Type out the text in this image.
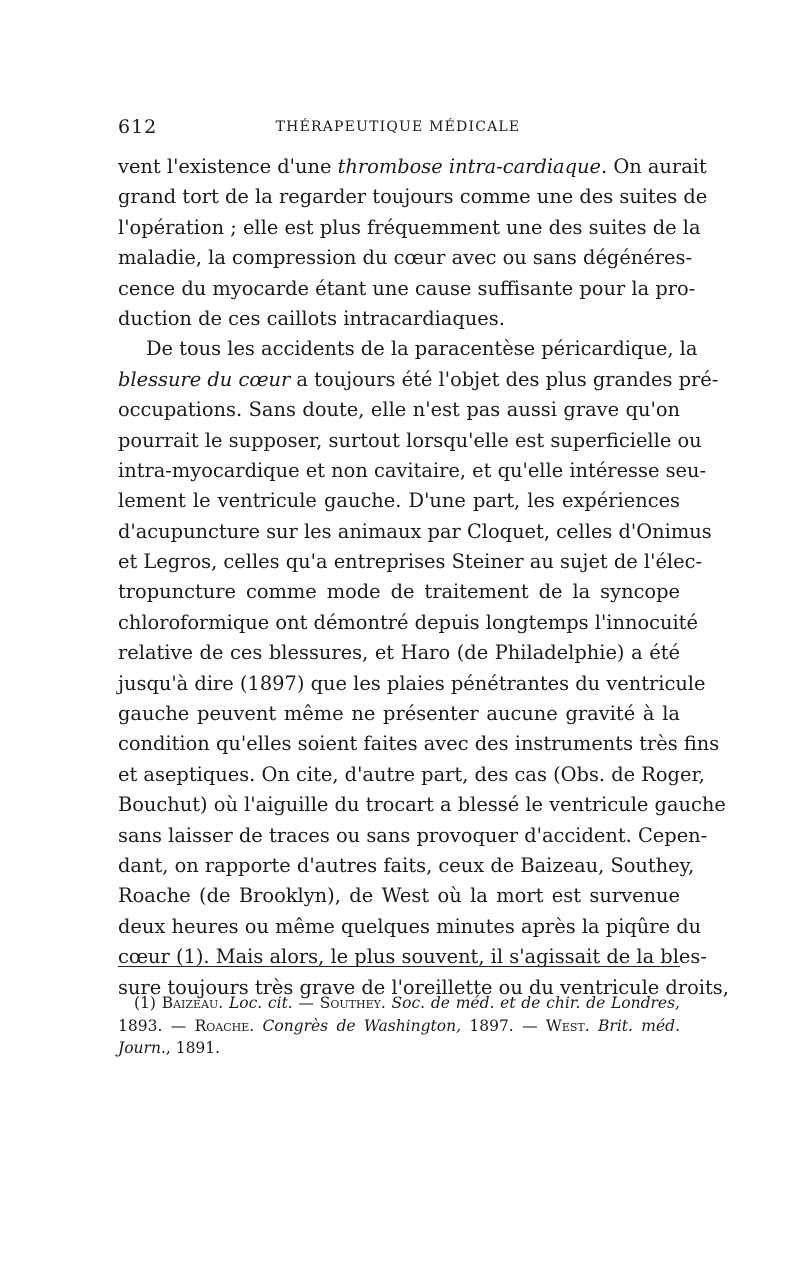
612	THÉRAPEUTIQUE MÉDICALE
vent l'existence d'une thrombose intra-cardiaque. On aurait
grand tort de la regarder toujours comme une des suites de
l'opération ; elle est plus fréquemment une des suites de la
maladie, la compression du cœur avec ou sans dégénéres-
cence du myocarde étant une cause suffisante pour la pro-
duction de ces caillots intracardiaques.
De tous les accidents de la paracentèse péricardique, la
blessure du cœur a toujours été l'objet des plus grandes pré-
occupations. Sans doute, elle n'est pas aussi grave qu'on
pourrait le supposer, surtout lorsqu'elle est superficielle ou
intra-myocardique et non cavitaire, et qu'elle intéresse seu-
lement le ventricule gauche. D'une part, les expériences
d'acupuncture sur les animaux par Cloquet, celles d'Onimus
et Legros, celles qu'a entreprises Steiner au sujet de l'élec-
tropuncture comme mode de traitement de la syncope
chloroformique ont démontré depuis longtemps l'innocuité
relative de ces blessures, et Haro (de Philadelphie) a été
jusqu'à dire (1897) que les plaies pénétrantes du ventricule
gauche peuvent même ne présenter aucune gravité à la
condition qu'elles soient faites avec des instruments très fins
et aseptiques. On cite, d'autre part, des cas (Obs. de Roger,
Bouchut) où l'aiguille du trocart a blessé le ventricule gauche
sans laisser de traces ou sans provoquer d'accident. Cepen-
dant, on rapporte d'autres faits, ceux de Baizeau, Southey,
Roache (de Brooklyn), de West où la mort est survenue
deux heures ou même quelques minutes après la piqûre du
cœur (1). Mais alors, le plus souvent, il s'agissait de la bles-
sure toujours très grave de l'oreillette ou du ventricule droits,
(1) Baizeau. Loc. cit. — Southey. Soc. de méd. et de chir. de Londres,
1893. — Roache. Congrès de Washington, 1897. — West. Brit. méd.
Journ., 1891.
